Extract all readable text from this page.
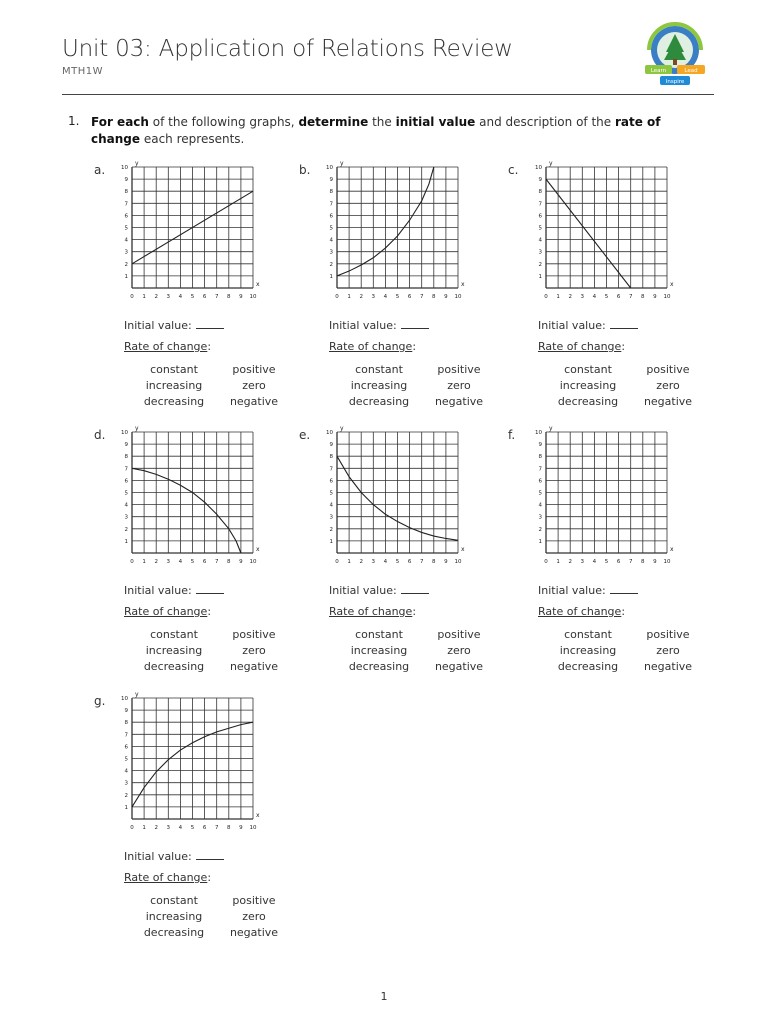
Unit 03: Application of Relations Review
MTH1W	Learn	Lead
Inspire
1. For each of the following graphs, determine the initial value and description of the rate of change each represents.
a.
0 1 2 3 4 5 6 7 8 9 10
1
2
3
4
5
6
7
8
9
10
x
y
Initial value:
Rate of change:
constant	positive
increasing	zero
decreasing	negative
b.
0 1 2 3 4 5 6 7 8 9 10
1
2
3
4
5
6
7
8
9
10
x
y
Initial value:
Rate of change:
constant	positive
increasing	zero
decreasing	negative
c.
0 1 2 3 4 5 6 7 8 9 10
1
2
3
4
5
6
7
8
9
10
x
y
Initial value:
Rate of change:
constant	positive
increasing	zero
decreasing	negative
d.
0 1 2 3 4 5 6 7 8 9 10
1
2
3
4
5
6
7
8
9
10
x
y
Initial value:
Rate of change:
constant	positive
increasing	zero
decreasing	negative
e.
0 1 2 3 4 5 6 7 8 9 10
1
2
3
4
5
6
7
8
9
10
x
y
Initial value:
Rate of change:
constant	positive
increasing	zero
decreasing	negative
f.
0 1 2 3 4 5 6 7 8 9 10
1
2
3
4
5
6
7
8
9
10
x
y
Initial value:
Rate of change:
constant	positive
increasing	zero
decreasing	negative
g.
0 1 2 3 4 5 6 7 8 9 10
1
2
3
4
5
6
7
8
9
10
x
y
Initial value:
Rate of change:
constant	positive
increasing	zero
decreasing	negative
1
